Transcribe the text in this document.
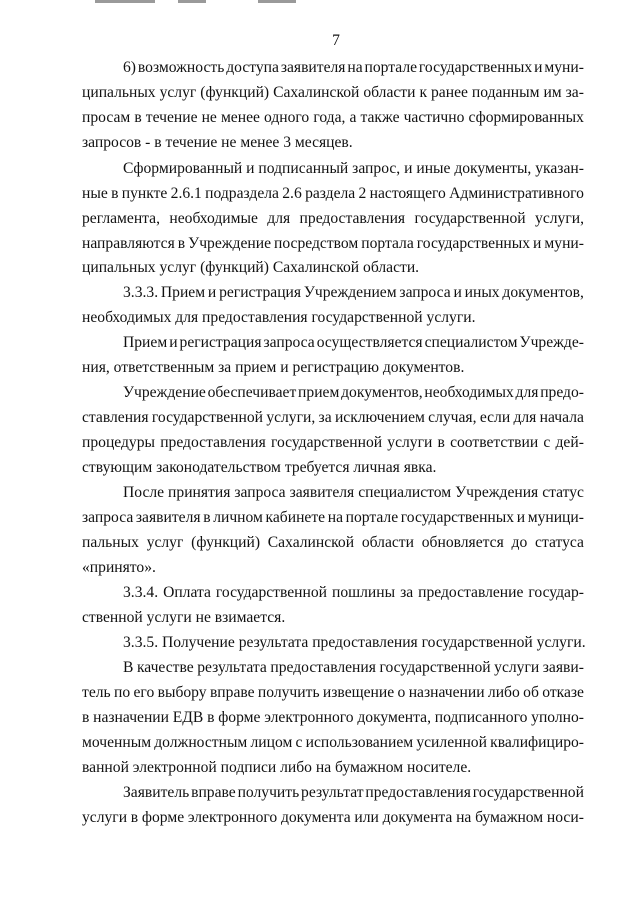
7
6) возможность доступа заявителя на портале государственных и муни-
ципальных услуг (функций) Сахалинской области к ранее поданным им за-
просам в течение не менее одного года, а также частично сформированных
запросов - в течение не менее 3 месяцев.
Сформированный и подписанный запрос, и иные документы, указан-
ные в пункте 2.6.1 подраздела 2.6 раздела 2 настоящего Административного
регламента, необходимые для предоставления государственной услуги,
направляются в Учреждение посредством портала государственных и муни-
ципальных услуг (функций) Сахалинской области.
3.3.3. Прием и регистрация Учреждением запроса и иных документов,
необходимых для предоставления государственной услуги.
Прием и регистрация запроса осуществляется специалистом Учрежде-
ния, ответственным за прием и регистрацию документов.
Учреждение обеспечивает прием документов, необходимых для предо-
ставления государственной услуги, за исключением случая, если для начала
процедуры предоставления государственной услуги в соответствии с дей-
ствующим законодательством требуется личная явка.
После принятия запроса заявителя специалистом Учреждения статус
запроса заявителя в личном кабинете на портале государственных и муници-
пальных услуг (функций) Сахалинской области обновляется до статуса
«принято».
3.3.4. Оплата государственной пошлины за предоставление государ-
ственной услуги не взимается.
3.3.5. Получение результата предоставления государственной услуги.
В качестве результата предоставления государственной услуги заяви-
тель по его выбору вправе получить извещение о назначении либо об отказе
в назначении ЕДВ в форме электронного документа, подписанного уполно-
моченным должностным лицом с использованием усиленной квалифициро-
ванной электронной подписи либо на бумажном носителе.
Заявитель вправе получить результат предоставления государственной
услуги в форме электронного документа или документа на бумажном носи-
